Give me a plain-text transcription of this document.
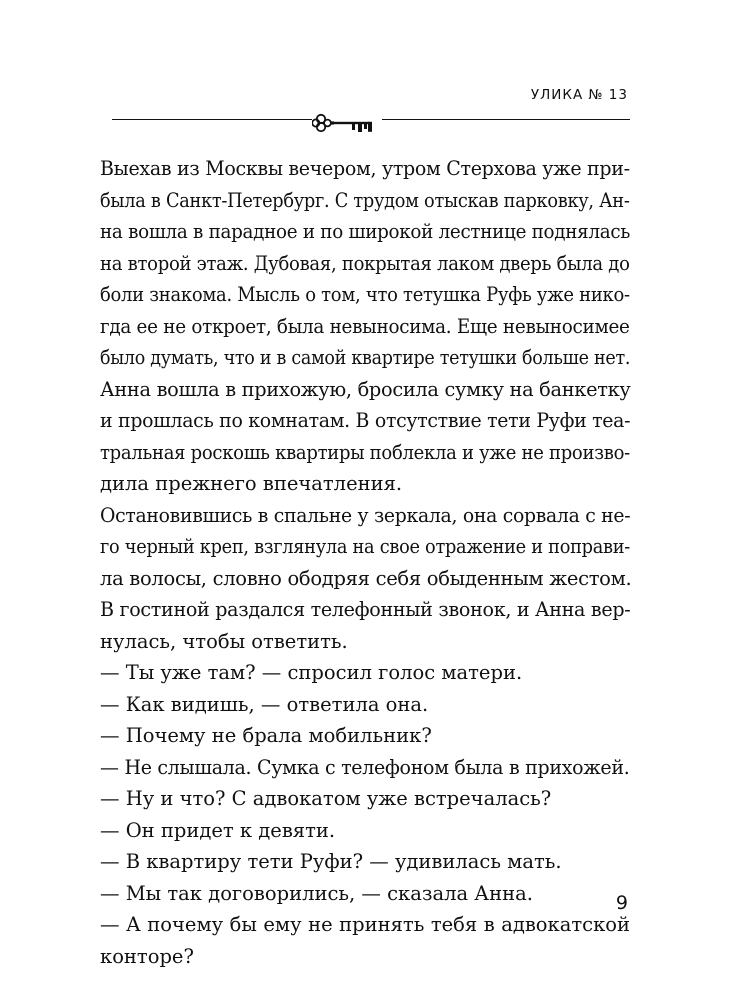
УЛИКА № 13
Выехав из Москвы вечером, утром Стерхова уже при-
была в Санкт-Петербург. С трудом отыскав парковку, Ан-
на вошла в парадное и по широкой лестнице поднялась
на второй этаж. Дубовая, покрытая лаком дверь была до
боли знакома. Мысль о том, что тетушка Руфь уже нико-
гда ее не откроет, была невыносима. Еще невыносимее
было думать, что и в самой квартире тетушки больше нет.
Анна вошла в прихожую, бросила сумку на банкетку
и прошлась по комнатам. В отсутствие тети Руфи теа-
тральная роскошь квартиры поблекла и уже не произво-
дила прежнего впечатления.
Остановившись в спальне у зеркала, она сорвала с не-
го черный креп, взглянула на свое отражение и поправи-
ла волосы, словно ободряя себя обыденным жестом.
В гостиной раздался телефонный звонок, и Анна вер-
нулась, чтобы ответить.
— Ты уже там? — спросил голос матери.
— Как видишь, — ответила она.
— Почему не брала мобильник?
— Не слышала. Сумка с телефоном была в прихожей.
— Ну и что? С адвокатом уже встречалась?
— Он придет к девяти.
— В квартиру тети Руфи? — удивилась мать.
— Мы так договорились, — сказала Анна.
— А почему бы ему не принять тебя в адвокатской
конторе?
9
